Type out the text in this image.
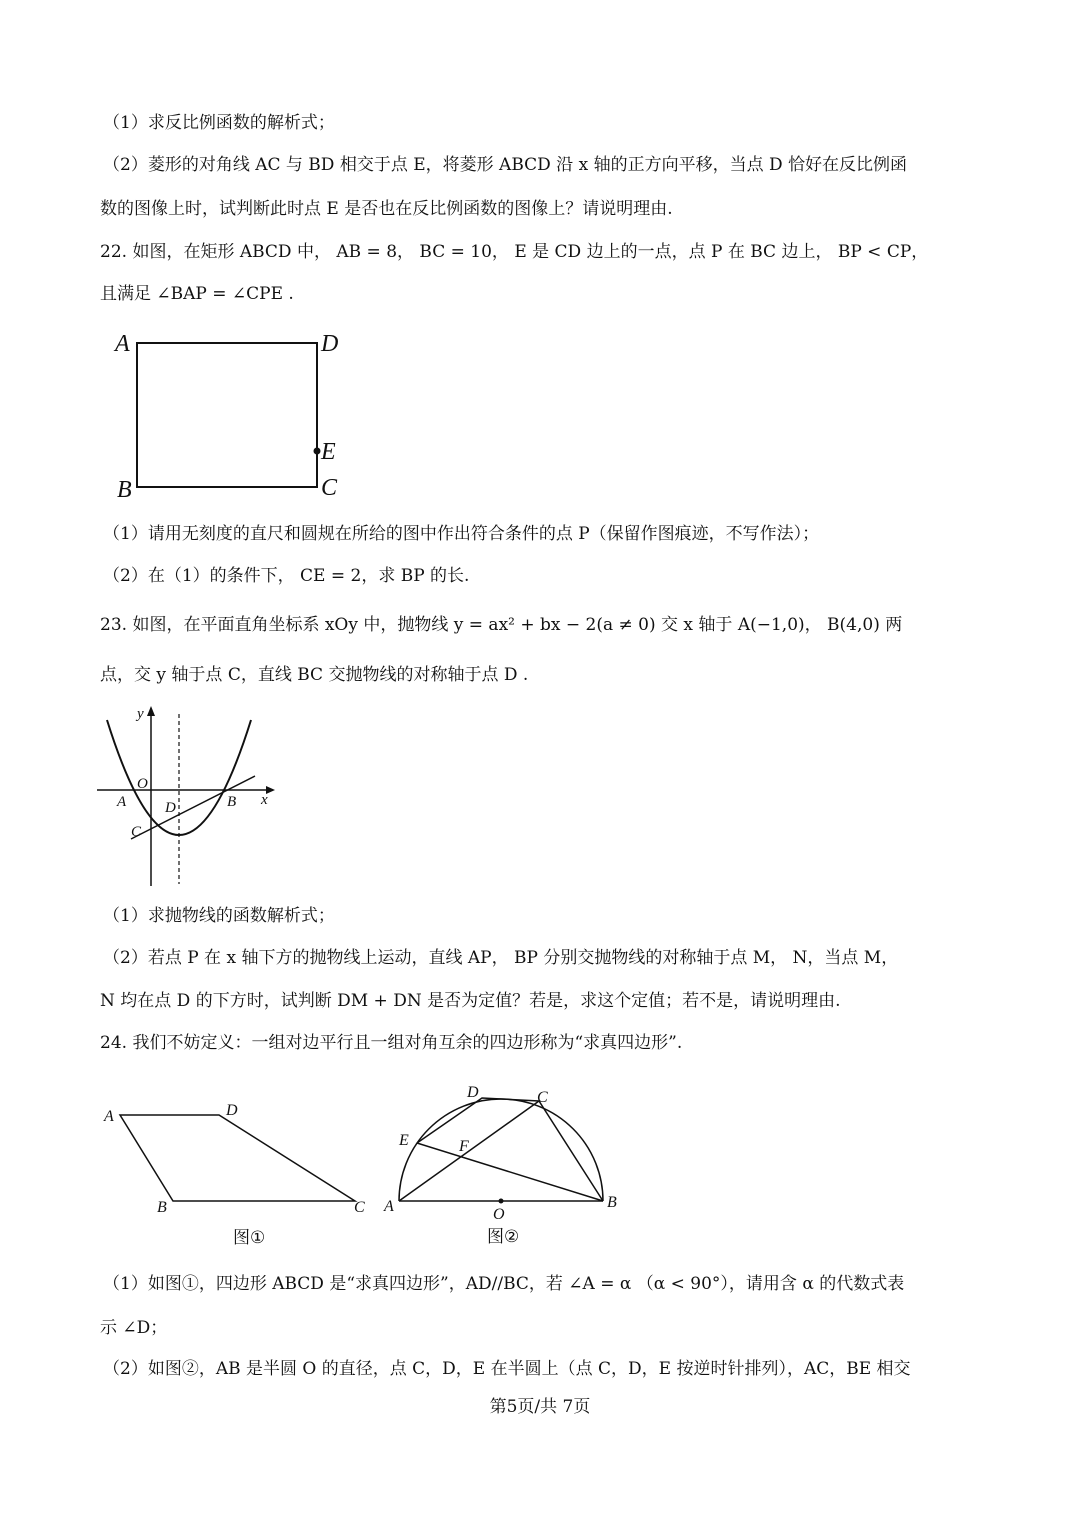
（1）求反比例函数的解析式；
（2）菱形的对角线 AC 与 BD 相交于点 E，将菱形 ABCD 沿 x 轴的正方向平移，当点 D 恰好在反比例函
数的图像上时，试判断此时点 E 是否也在反比例函数的图像上？请说明理由.
22. 如图，在矩形 ABCD 中， AB = 8， BC = 10， E 是 CD 边上的一点，点 P 在 BC 边上， BP < CP，
且满足 ∠BAP = ∠CPE .
A	D
E
B	C
（1）请用无刻度的直尺和圆规在所给的图中作出符合条件的点 P（保留作图痕迹，不写作法）；
（2）在（1）的条件下， CE = 2，求 BP 的长.
23. 如图，在平面直角坐标系 xOy 中，抛物线 y = ax² + bx − 2(a ≠ 0) 交 x 轴于 A(−1,0)， B(4,0) 两
点，交 y 轴于点 C，直线 BC 交抛物线的对称轴于点 D .
y
O
A	D	B x
C
（1）求抛物线的函数解析式；
（2）若点 P 在 x 轴下方的抛物线上运动，直线 AP， BP 分别交抛物线的对称轴于点 M， N，当点 M，
N 均在点 D 的下方时，试判断 DM + DN 是否为定值？若是，求这个定值；若不是，请说明理由.
24. 我们不妨定义：一组对边平行且一组对角互余的四边形称为“求真四边形”.
A	D
B	C
图①
D	C
E	F
A	O
B
图②
（1）如图①，四边形 ABCD 是“求真四边形”，AD//BC，若 ∠A = α （α < 90°），请用含 α 的代数式表
示 ∠D；
（2）如图②，AB 是半圆 O 的直径，点 C，D，E 在半圆上（点 C，D，E 按逆时针排列），AC，BE 相交
第5页/共 7页
